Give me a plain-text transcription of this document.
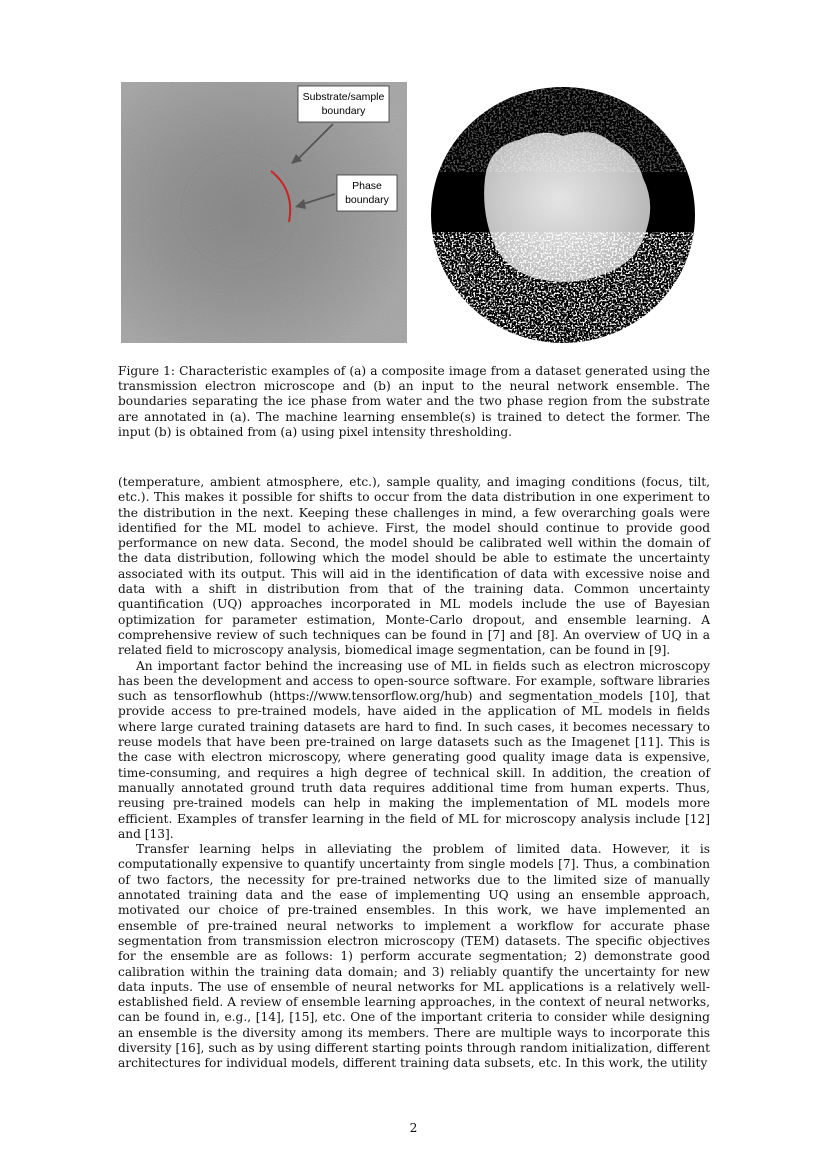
Substrate/sample
boundary
Phase
boundary

Figure 1: Characteristic examples of (a) a composite image from a dataset generated using the transmission electron microscope and (b) an input to the neural network ensemble. The boundaries separating the ice phase from water and the two phase region from the substrate are annotated in (a). The machine learning ensemble(s) is trained to detect the former. The input (b) is obtained from (a) using pixel intensity thresholding.

(temperature, ambient atmosphere, etc.), sample quality, and imaging conditions (focus, tilt, etc.). This makes it possible for shifts to occur from the data distribution in one experiment to the distribution in the next. Keeping these challenges in mind, a few overarching goals were identified for the ML model to achieve. First, the model should continue to provide good performance on new data. Second, the model should be calibrated well within the domain of the data distribution, following which the model should be able to estimate the uncertainty associated with its output. This will aid in the identification of data with excessive noise and data with a shift in distribution from that of the training data. Common uncertainty quantification (UQ) approaches incorporated in ML models include the use of Bayesian optimization for parameter estimation, Monte-Carlo dropout, and ensemble learning. A comprehensive review of such techniques can be found in [7] and [8]. An overview of UQ in a related field to microscopy analysis, biomedical image segmentation, can be found in [9].

An important factor behind the increasing use of ML in fields such as electron microscopy has been the development and access to open-source software. For example, software libraries such as tensorflowhub (https://www.tensorflow.org/hub) and segmentation_models [10], that provide access to pre-trained models, have aided in the application of ML models in fields where large curated training datasets are hard to find. In such cases, it becomes necessary to reuse models that have been pre-trained on large datasets such as the Imagenet [11]. This is the case with electron microscopy, where generating good quality image data is expensive, time-consuming, and requires a high degree of technical skill. In addition, the creation of manually annotated ground truth data requires additional time from human experts. Thus, reusing pre-trained models can help in making the implementation of ML models more efficient. Examples of transfer learning in the field of ML for microscopy analysis include [12] and [13].

Transfer learning helps in alleviating the problem of limited data. However, it is computationally expensive to quantify uncertainty from single models [7]. Thus, a combination of two factors, the necessity for pre-trained networks due to the limited size of manually annotated training data and the ease of implementing UQ using an ensemble approach, motivated our choice of pre-trained ensembles. In this work, we have implemented an ensemble of pre-trained neural networks to implement a workflow for accurate phase segmentation from transmission electron microscopy (TEM) datasets. The specific objectives for the ensemble are as follows: 1) perform accurate segmentation; 2) demonstrate good calibration within the training data domain; and 3) reliably quantify the uncertainty for new data inputs. The use of ensemble of neural networks for ML applications is a relatively well-established field. A review of ensemble learning approaches, in the context of neural networks, can be found in, e.g., [14], [15], etc. One of the important criteria to consider while designing an ensemble is the diversity among its members. There are multiple ways to incorporate this diversity [16], such as by using different starting points through random initialization, different architectures for individual models, different training data subsets, etc. In this work, the utility

2
